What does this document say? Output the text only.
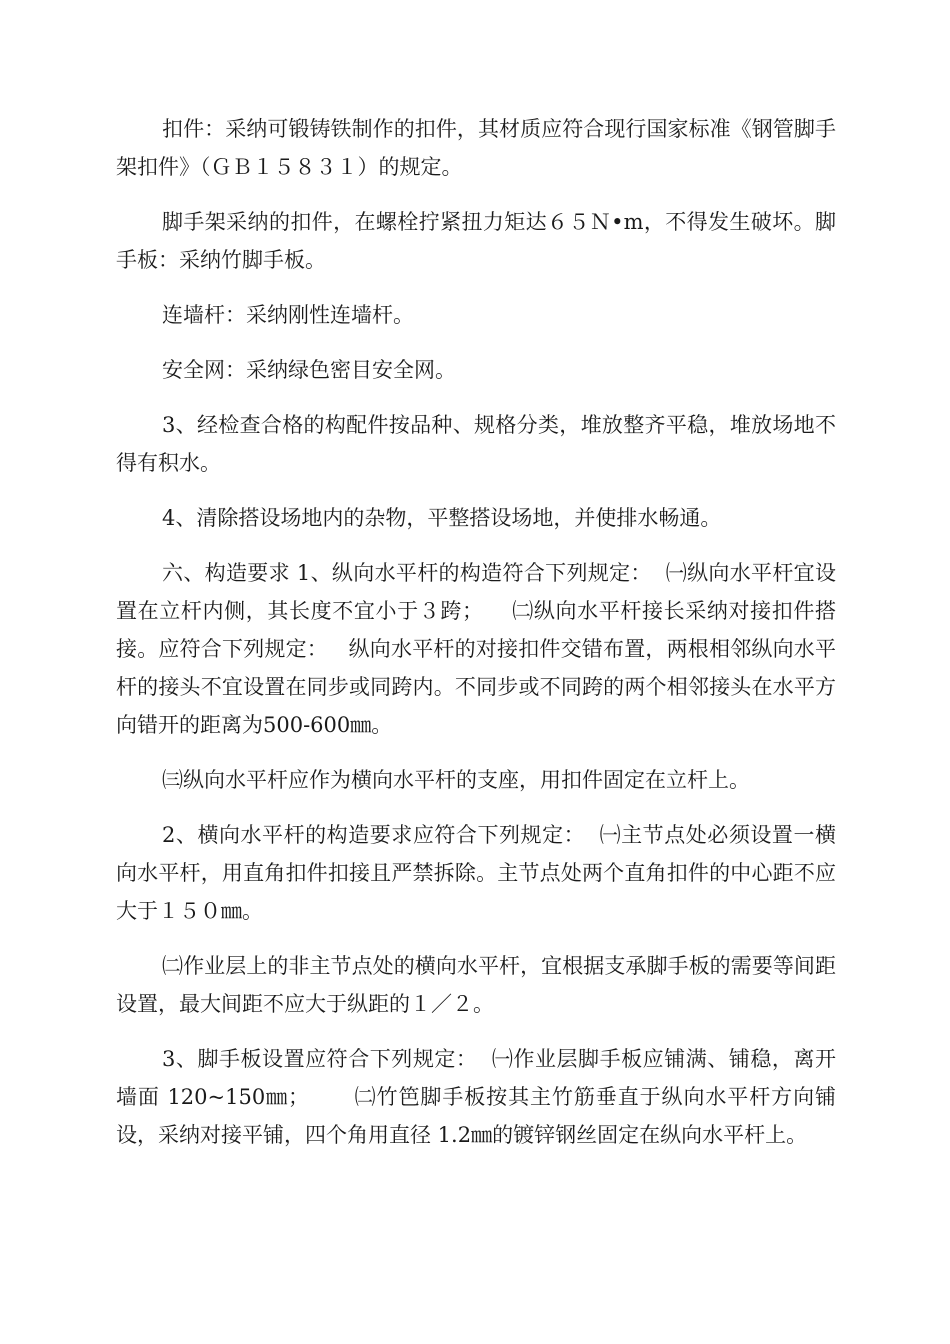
扣件：采纳可锻铸铁制作的扣件，其材质应符合现行国家标准《钢管脚手架扣件》（ＧＢ１５８３１）的规定。

脚手架采纳的扣件，在螺栓拧紧扭力矩达６５Ｎ•m，不得发生破坏。脚手板：采纳竹脚手板。

连墙杆：采纳刚性连墙杆。

安全网：采纳绿色密目安全网。

3、经检查合格的构配件按品种、规格分类，堆放整齐平稳，堆放场地不得有积水。

4、清除搭设场地内的杂物，平整搭设场地，并使排水畅通。

六、构造要求 1、纵向水平杆的构造符合下列规定：  ㈠纵向水平杆宜设置在立杆内侧，其长度不宜小于３跨；    ㈡纵向水平杆接长采纳对接扣件搭接。应符合下列规定：   纵向水平杆的对接扣件交错布置，两根相邻纵向水平杆的接头不宜设置在同步或同跨内。不同步或不同跨的两个相邻接头在水平方向错开的距离为500-600㎜。

㈢纵向水平杆应作为横向水平杆的支座，用扣件固定在立杆上。

2、横向水平杆的构造要求应符合下列规定：  ㈠主节点处必须设置一横向水平杆，用直角扣件扣接且严禁拆除。主节点处两个直角扣件的中心距不应大于１５０㎜。

㈡作业层上的非主节点处的横向水平杆，宜根据支承脚手板的需要等间距设置，最大间距不应大于纵距的１／２。

3、脚手板设置应符合下列规定：  ㈠作业层脚手板应铺满、铺稳，离开墙面 120~150㎜；      ㈡竹笆脚手板按其主竹筋垂直于纵向水平杆方向铺设，采纳对接平铺，四个角用直径 1.2㎜的镀锌钢丝固定在纵向水平杆上。
